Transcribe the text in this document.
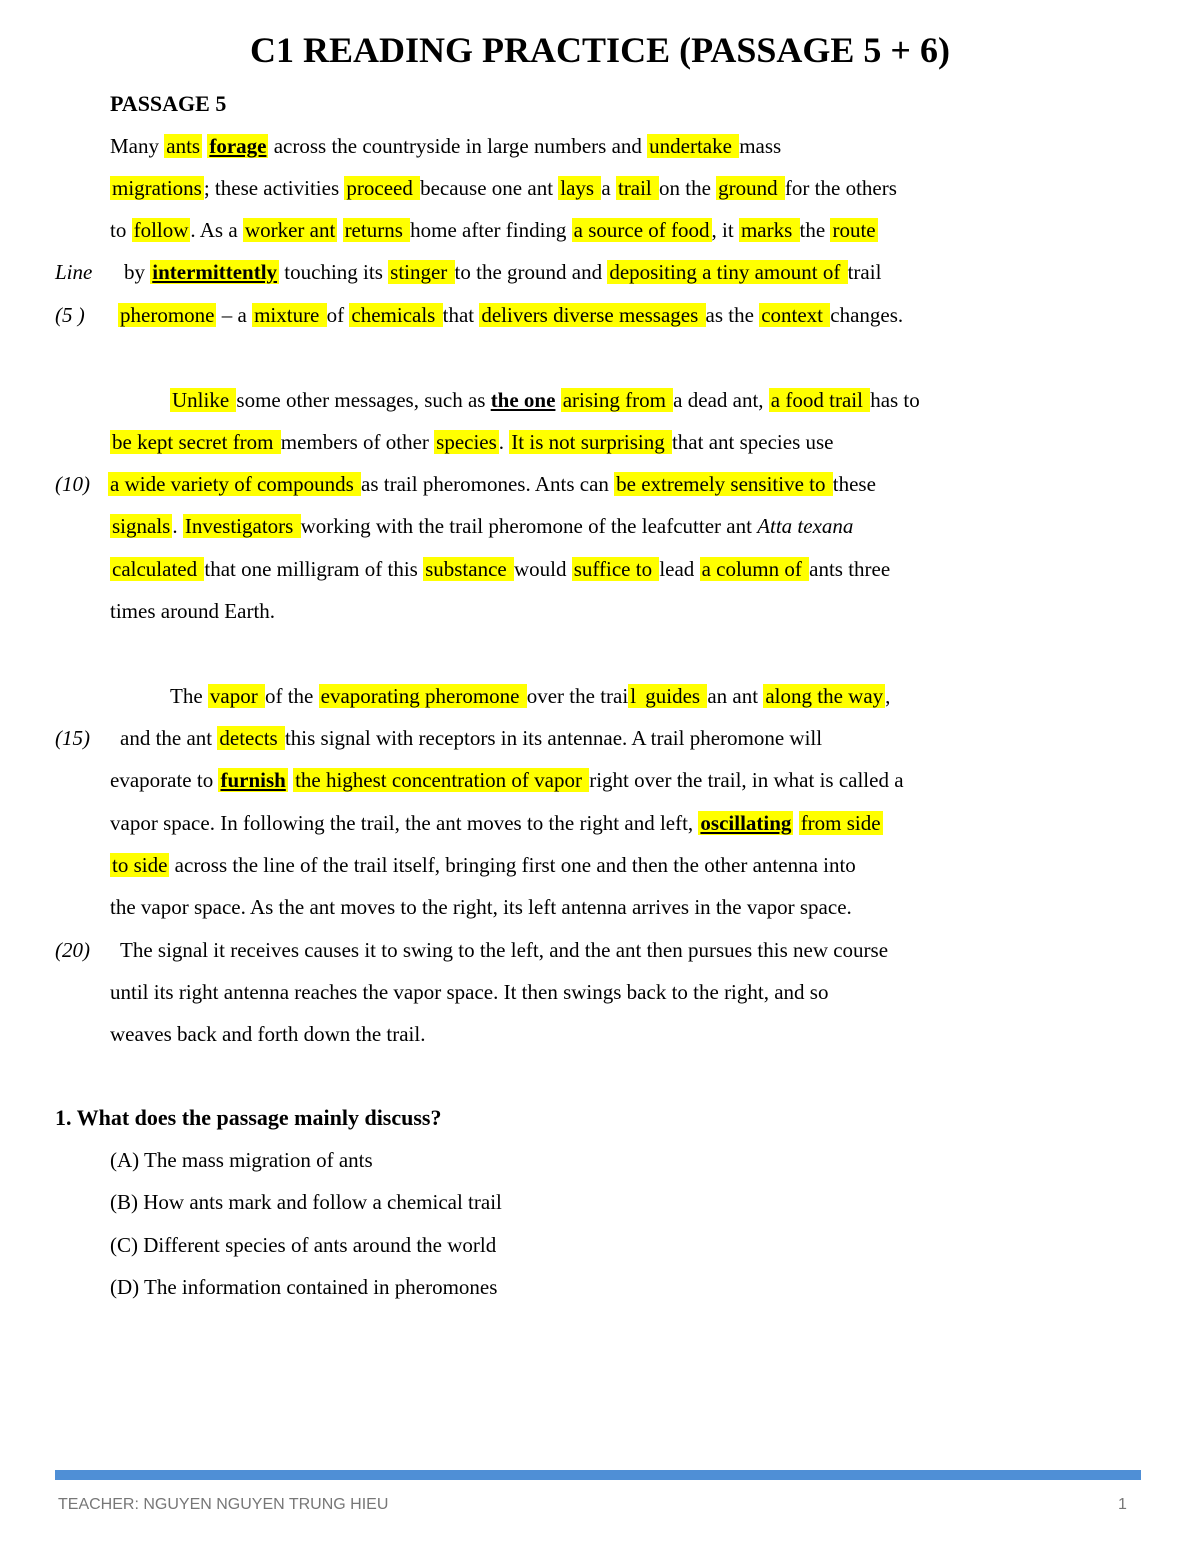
C1 READING PRACTICE (PASSAGE 5 + 6)
PASSAGE 5
Many ants forage across the countryside in large numbers and undertake mass
migrations; these activities proceed because one ant lays a trail on the ground for the others
to follow. As a worker ant returns home after finding a source of food, it marks the route
Line by intermittently touching its stinger to the ground and depositing a tiny amount of trail
(5 ) pheromone – a mixture of chemicals that delivers diverse messages as the context changes.
Unlike some other messages, such as the one arising from a dead ant, a food trail has to
be kept secret from members of other species. It is not surprising that ant species use
(10) a wide variety of compounds as trail pheromones. Ants can be extremely sensitive to these
signals. Investigators working with the trail pheromone of the leafcutter ant Atta texana
calculated that one milligram of this substance would suffice to lead a column of ants three
times around Earth.
The vapor of the evaporating pheromone over the trail guides an ant along the way,
(15) and the ant detects this signal with receptors in its antennae. A trail pheromone will
evaporate to furnish the highest concentration of vapor right over the trail, in what is called a
vapor space. In following the trail, the ant moves to the right and left, oscillating from side
to side across the line of the trail itself, bringing first one and then the other antenna into
the vapor space. As the ant moves to the right, its left antenna arrives in the vapor space.
(20) The signal it receives causes it to swing to the left, and the ant then pursues this new course
until its right antenna reaches the vapor space. It then swings back to the right, and so
weaves back and forth down the trail.
1. What does the passage mainly discuss?
(A) The mass migration of ants
(B) How ants mark and follow a chemical trail
(C) Different species of ants around the world
(D) The information contained in pheromones
TEACHER: NGUYEN NGUYEN TRUNG HIEU	1
